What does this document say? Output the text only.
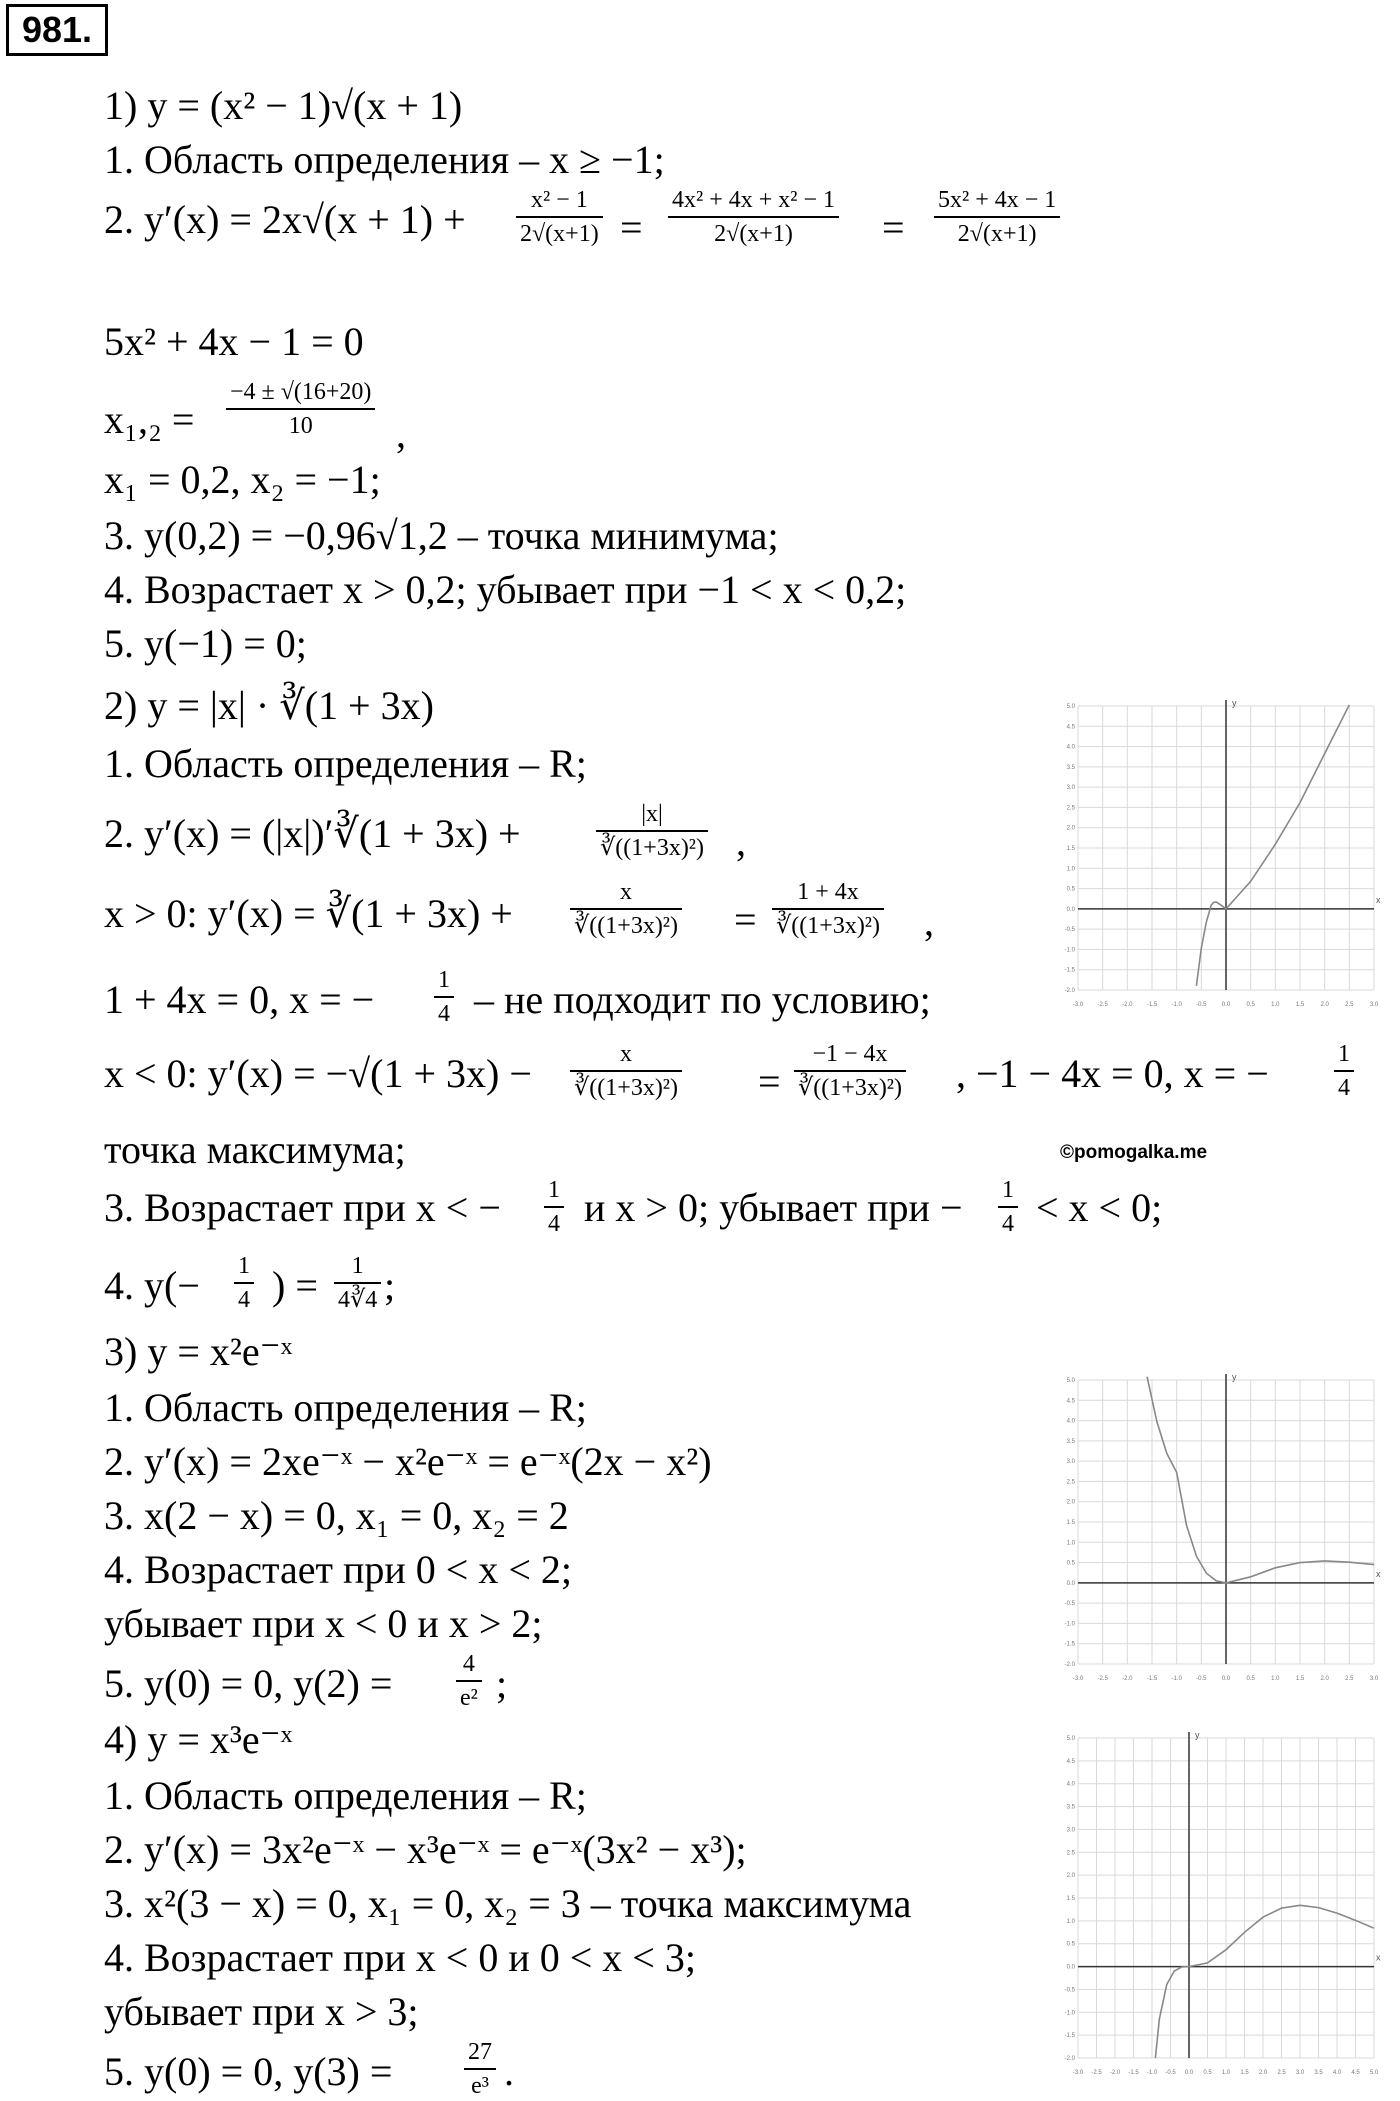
981.
1) y = (x² − 1)√(x + 1)
1. Область определения – x ≥ −1;
2. y′(x) = 2x√(x + 1) +
5x² + 4x − 1 = 0
x₁,₂ =
x₁ = 0,2, x₂ = −1;
3. y(0,2) = −0,96√1,2 – точка минимума;
4. Возрастает x > 0,2; убывает при −1 < x < 0,2;
5. y(−1) = 0;
2) y = |x| · ∛(1 + 3x)
1. Область определения – R;
2. y′(x) = (|x|)′∛(1 + 3x) +
x > 0: y′(x) = ∛(1 + 3x) +
1 + 4x = 0, x = −
x < 0: y′(x) = −√(1 + 3x) −
точка максимума;
3. Возрастает при x < −
4. y(−
3) y = x²e⁻ˣ
1. Область определения – R;
2. y′(x) = 2xe⁻ˣ − x²e⁻ˣ = e⁻ˣ(2x − x²)
3. x(2 − x) = 0, x₁ = 0, x₂ = 2
4. Возрастает при 0 < x < 2;
убывает при x < 0 и x > 2;
5. y(0) = 0, y(2) =
4) y = x³e⁻ˣ
1. Область определения – R;
2. y′(x) = 3x²e⁻ˣ − x³e⁻ˣ = e⁻ˣ(3x² − x³);
3. x²(3 − x) = 0, x₁ = 0, x₂ = 3 – точка максимума
4. Возрастает при x < 0 и 0 < x < 3;
убывает при x > 3;
5. y(0) = 0, y(3) =
,
,
,
– не подходит по условию;
, −1 − 4x = 0, x = −
и x > 0; убывает при − < x < 0;
) = ;
;
.
$\frac{\text{x² − 1}}{2√(x+1)} = \frac{\text{4x² + 4x + x² − 1}}{2√(x+1)} = \frac{\text{5x² + 4x − 1}}{2√(x+1)}$
$\frac{-4 \pm √(16+20)}{10}$
$\frac{|x|}{\text{∛((1+3x)²)}}$
$\frac{x}{\text{∛((1+3x)²)}} = \frac{1 + 4x}{\text{∛((1+3x)²)}}$
$\frac{1}{4}$
$\frac{x}{\text{∛((1+3x)²)}} = \frac{-1 - 4x}{\text{∛((1+3x)²)}}$	$\frac{1}{4}$
$\frac{1}{4}$	$\frac{1}{4}$
$\frac{1}{4}$	$\frac{1}{4∛4}$
$\frac{4}{\text{e²}}$
$\frac{27}{\text{e³}}$
©pomogalka.me
x
y
-3.0 -2.5 -2.0 -1.5 -1.0 -0.5	0.0	0.5	1.0	1.5	2.0	2.5	3.0
-2.0
-1.5
-1.0
-0.5
0.0
0.5
1.0
1.5
2.0
2.5
3.0
3.5
4.0
4.5
5.0
x
y
-3.0 -2.5 -2.0 -1.5 -1.0 -0.5	0.0	0.5	1.0	1.5	2.0	2.5	3.0
-2.0
-1.5
-1.0
-0.5
0.0
0.5
1.0
1.5
2.0
2.5
3.0
3.5
4.0
4.5
5.0
x
y
-3.0 -2.5 -2.0 -1.5 -1.0 -0.5 0.0 0.5 1.0 1.5 2.0 2.5 3.0 3.5 4.0 4.5 5.0
-2.0
-1.5
-1.0
-0.5
0.0
0.5
1.0
1.5
2.0
2.5
3.0
3.5
4.0
4.5
5.0
